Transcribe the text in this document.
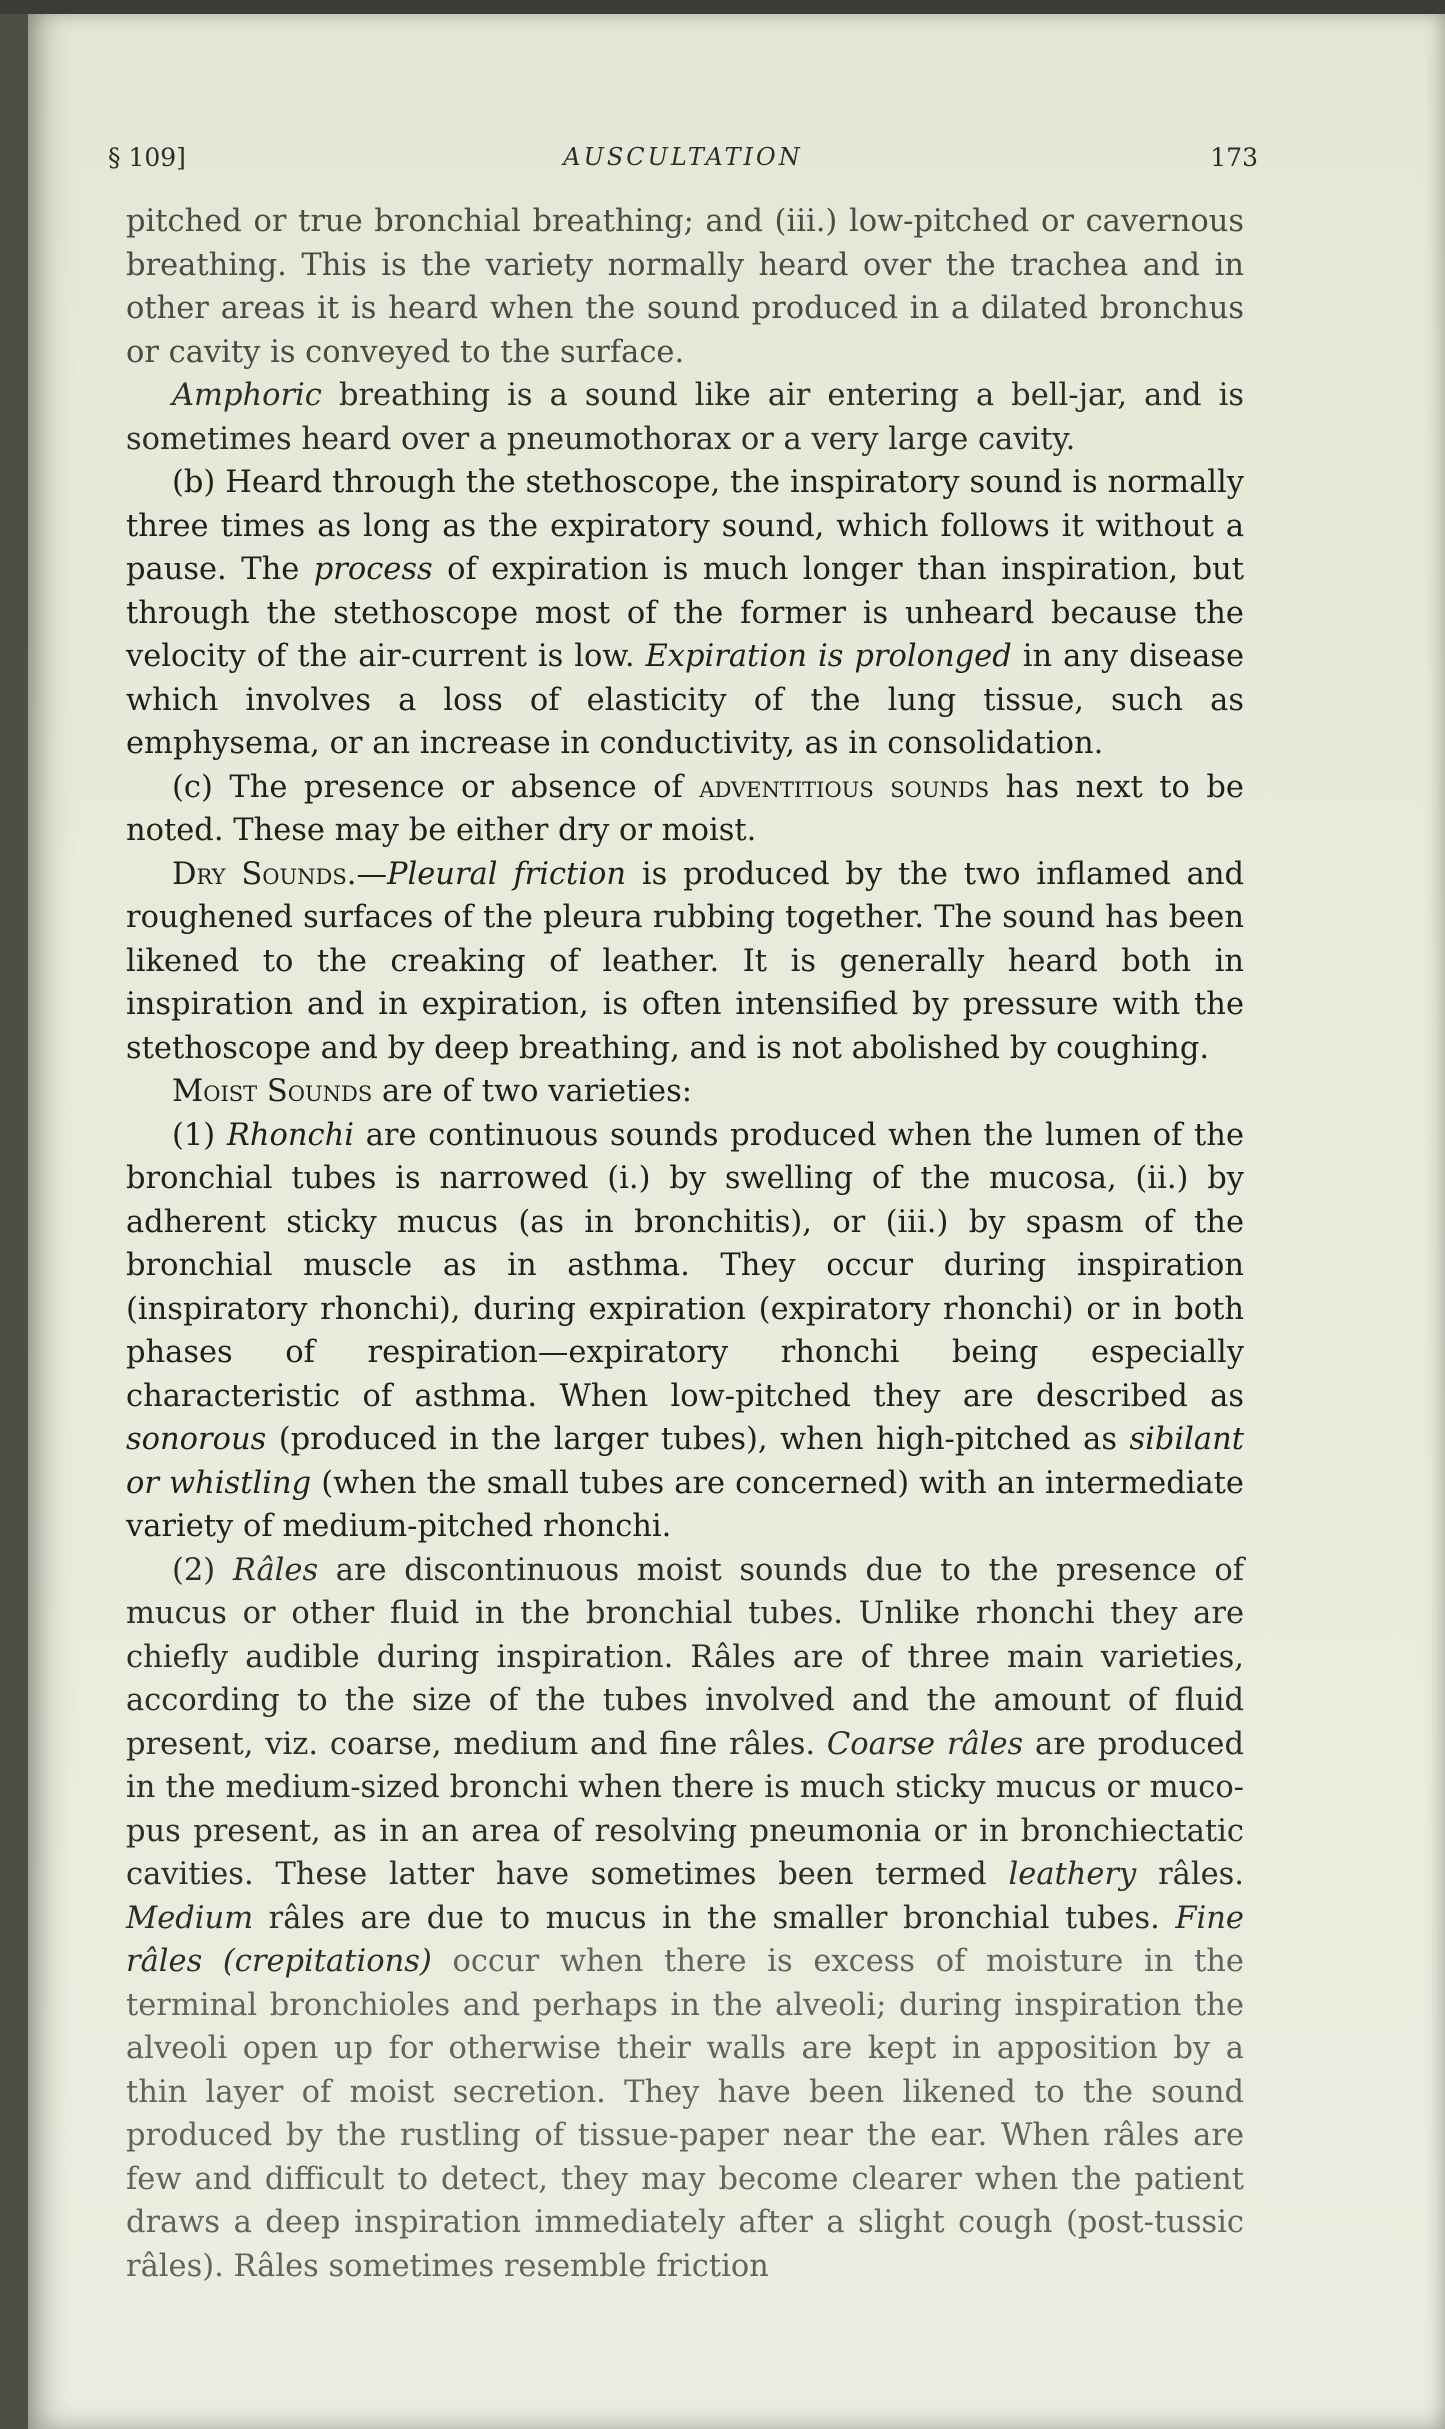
§ 109]	AUSCULTATION	173

pitched or true bronchial breathing; and (iii.) low-pitched or cavernous breathing. This is the variety normally heard over the trachea and in other areas it is heard when the sound produced in a dilated bronchus or cavity is conveyed to the surface.

Amphoric breathing is a sound like air entering a bell-jar, and is sometimes heard over a pneumothorax or a very large cavity.

(b) Heard through the stethoscope, the inspiratory sound is normally three times as long as the expiratory sound, which follows it without a pause. The process of expiration is much longer than inspiration, but through the stethoscope most of the former is unheard because the velocity of the air-current is low. Expiration is prolonged in any disease which involves a loss of elasticity of the lung tissue, such as emphysema, or an increase in conductivity, as in consolidation.

(c) The presence or absence of adventitious sounds has next to be noted. These may be either dry or moist.

Dry Sounds.—Pleural friction is produced by the two inflamed and roughened surfaces of the pleura rubbing together. The sound has been likened to the creaking of leather. It is generally heard both in inspiration and in expiration, is often intensified by pressure with the stethoscope and by deep breathing, and is not abolished by coughing.

Moist Sounds are of two varieties:

(1) Rhonchi are continuous sounds produced when the lumen of the bronchial tubes is narrowed (i.) by swelling of the mucosa, (ii.) by adherent sticky mucus (as in bronchitis), or (iii.) by spasm of the bronchial muscle as in asthma. They occur during inspiration (inspiratory rhonchi), during expiration (expiratory rhonchi) or in both phases of respiration—expiratory rhonchi being especially characteristic of asthma. When low-pitched they are described as sonorous (produced in the larger tubes), when high-pitched as sibilant or whistling (when the small tubes are concerned) with an intermediate variety of medium-pitched rhonchi.

(2) Râles are discontinuous moist sounds due to the presence of mucus or other fluid in the bronchial tubes. Unlike rhonchi they are chiefly audible during inspiration. Râles are of three main varieties, according to the size of the tubes involved and the amount of fluid present, viz. coarse, medium and fine râles. Coarse râles are produced in the medium-sized bronchi when there is much sticky mucus or muco-pus present, as in an area of resolving pneumonia or in bronchiectatic cavities. These latter have sometimes been termed leathery râles. Medium râles are due to mucus in the smaller bronchial tubes. Fine râles (crepitations) occur when there is excess of moisture in the terminal bronchioles and perhaps in the alveoli; during inspiration the alveoli open up for otherwise their walls are kept in apposition by a thin layer of moist secretion. They have been likened to the sound produced by the rustling of tissue-paper near the ear. When râles are few and difficult to detect, they may become clearer when the patient draws a deep inspiration immediately after a slight cough (post-tussic râles). Râles sometimes resemble friction
